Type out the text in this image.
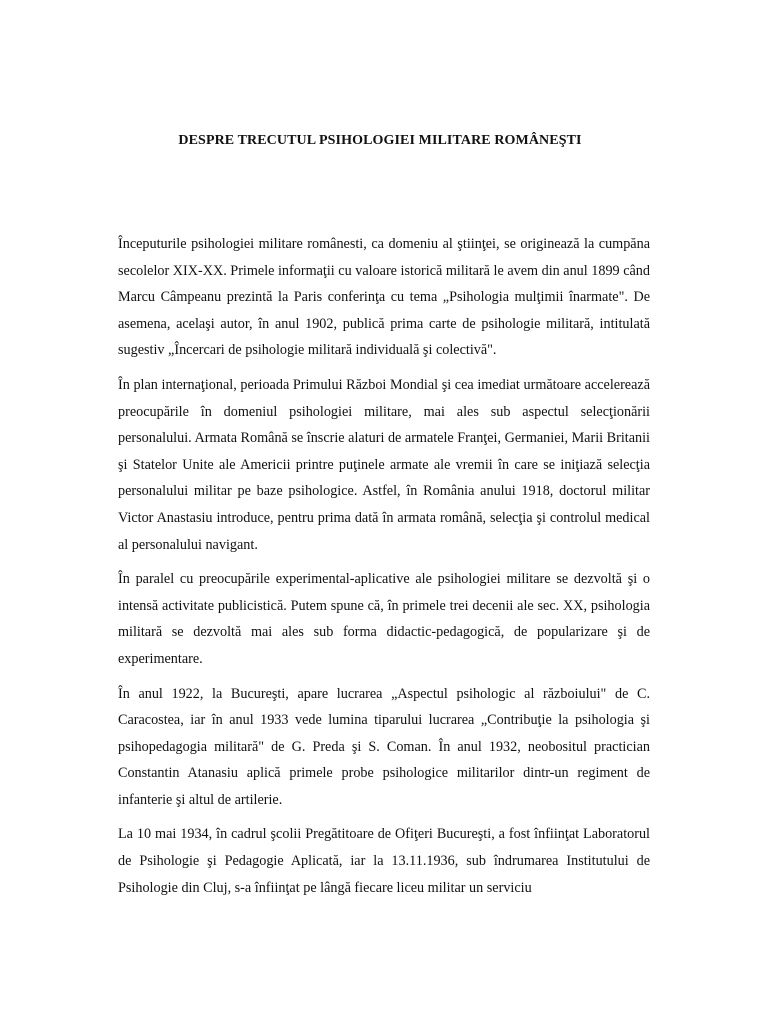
DESPRE TRECUTUL PSIHOLOGIEI MILITARE ROMÂNEŞTI

Începuturile psihologiei militare românesti, ca domeniu al ştiinţei, se originează la cumpăna secolelor XIX-XX. Primele informaţii cu valoare istorică militară le avem din anul 1899 când Marcu Câmpeanu prezintă la Paris conferinţa cu tema „Psihologia mulţimii înarmate". De asemena, acelaşi autor, în anul 1902, publică prima carte de psihologie militară, intitulată sugestiv „Încercari de psihologie militară individuală şi colectivă".

În plan internaţional, perioada Primului Război Mondial şi cea imediat următoare accelerează preocupările în domeniul psihologiei militare, mai ales sub aspectul selecţionării personalului. Armata Română se înscrie alaturi de armatele Franţei, Germaniei, Marii Britanii şi Statelor Unite ale Americii printre puţinele armate ale vremii în care se iniţiază selecţia personalului militar pe baze psihologice. Astfel, în România anului 1918, doctorul militar Victor Anastasiu introduce, pentru prima dată în armata română, selecţia şi controlul medical al personalului navigant.

În paralel cu preocupările experimental-aplicative ale psihologiei militare se dezvoltă şi o intensă activitate publicistică. Putem spune că, în primele trei decenii ale sec. XX, psihologia militară se dezvoltă mai ales sub forma didactic-pedagogică, de popularizare şi de experimentare.

În anul 1922, la Bucureşti, apare lucrarea „Aspectul psihologic al războiului" de C. Caracostea, iar în anul 1933 vede lumina tiparului lucrarea „Contribuţie la psihologia şi psihopedagogia militară" de G. Preda şi S. Coman. În anul 1932, neobositul practician Constantin Atanasiu aplică primele probe psihologice militarilor dintr-un regiment de infanterie şi altul de artilerie.

La 10 mai 1934, în cadrul şcolii Pregătitoare de Ofiţeri Bucureşti, a fost înfiinţat Laboratorul de Psihologie şi Pedagogie Aplicată, iar la 13.11.1936, sub îndrumarea Institutului de Psihologie din Cluj, s-a înfiinţat pe lângă fiecare liceu militar un serviciu
